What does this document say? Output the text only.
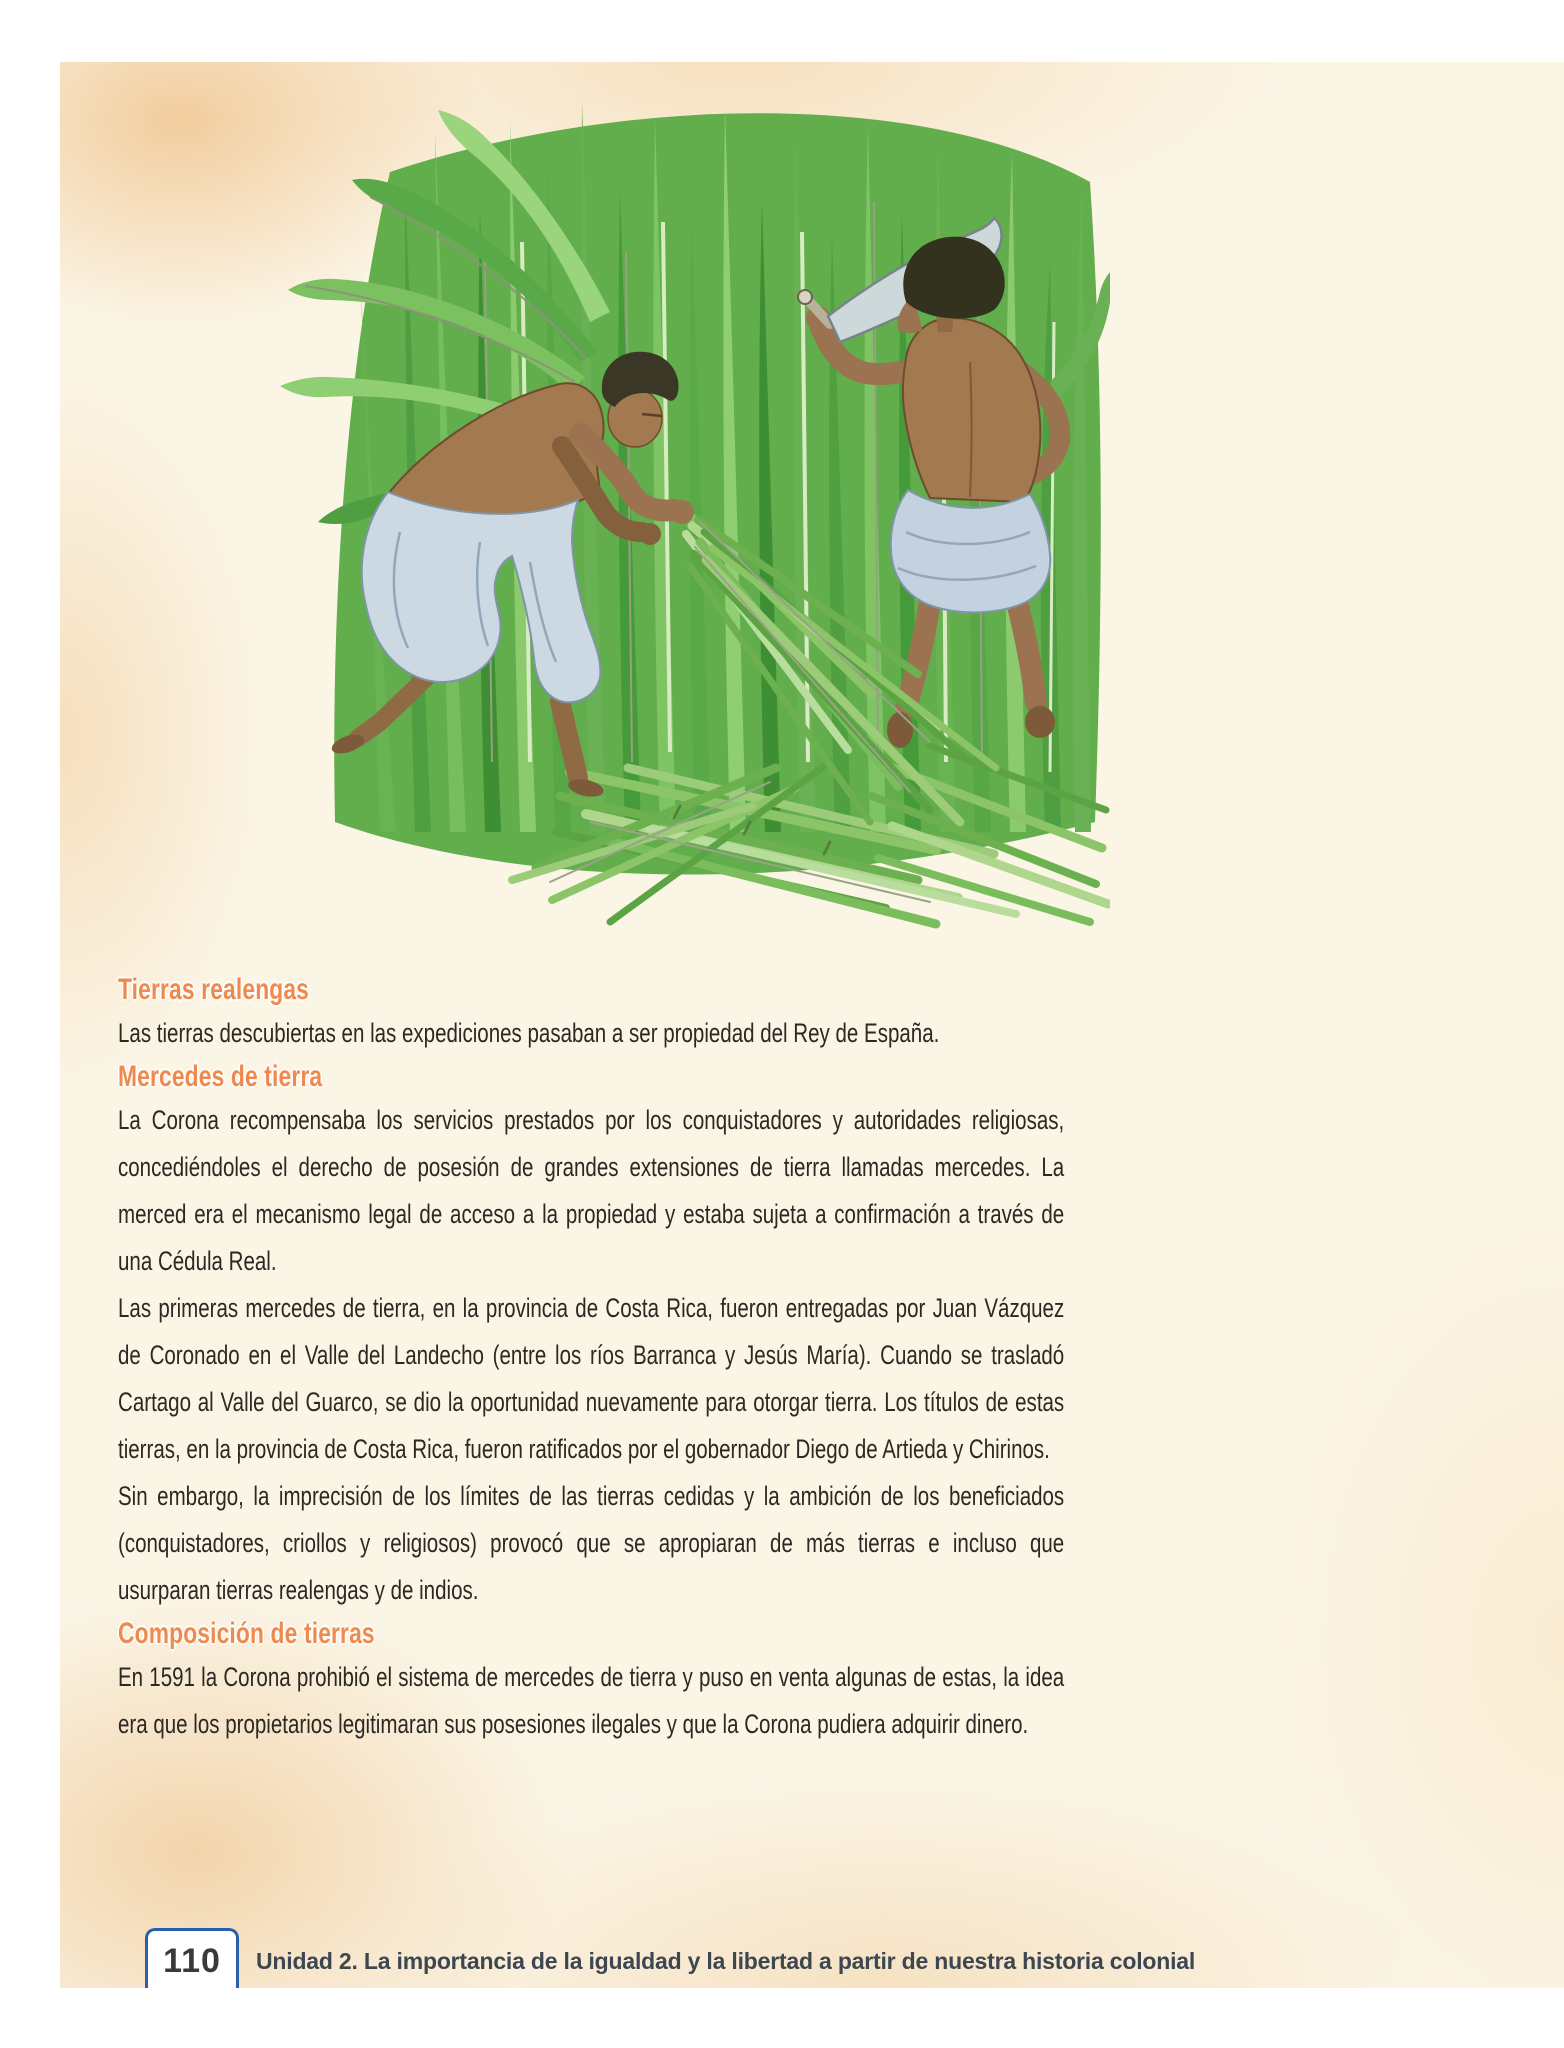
Tierras realengas

Las tierras descubiertas en las expediciones pasaban a ser propiedad del Rey de España.

Mercedes de tierra

La Corona recompensaba los servicios prestados por los conquistadores y autoridades religiosas, concediéndoles el derecho de posesión de grandes extensiones de tierra llamadas mercedes. La merced era el mecanismo legal de acceso a la propiedad y estaba sujeta a confirmación a través de una Cédula Real.

Las primeras mercedes de tierra, en la provincia de Costa Rica, fueron entregadas por Juan Vázquez de Coronado en el Valle del Landecho (entre los ríos Barranca y Jesús María). Cuando se trasladó Cartago al Valle del Guarco, se dio la oportunidad nuevamente para otorgar tierra. Los títulos de estas tierras, en la provincia de Costa Rica, fueron ratificados por el gobernador Diego de Artieda y Chirinos.

Sin embargo, la imprecisión de los límites de las tierras cedidas y la ambición de los beneficiados (conquistadores, criollos y religiosos) provocó que se apropiaran de más tierras e incluso que usurparan tierras realengas y de indios.

Composición de tierras

En 1591 la Corona prohibió el sistema de mercedes de tierra y puso en venta algunas de estas, la idea era que los propietarios legitimaran sus posesiones ilegales y que la Corona pudiera adquirir dinero.

110 Unidad 2. La importancia de la igualdad y la libertad a partir de nuestra historia colonial
